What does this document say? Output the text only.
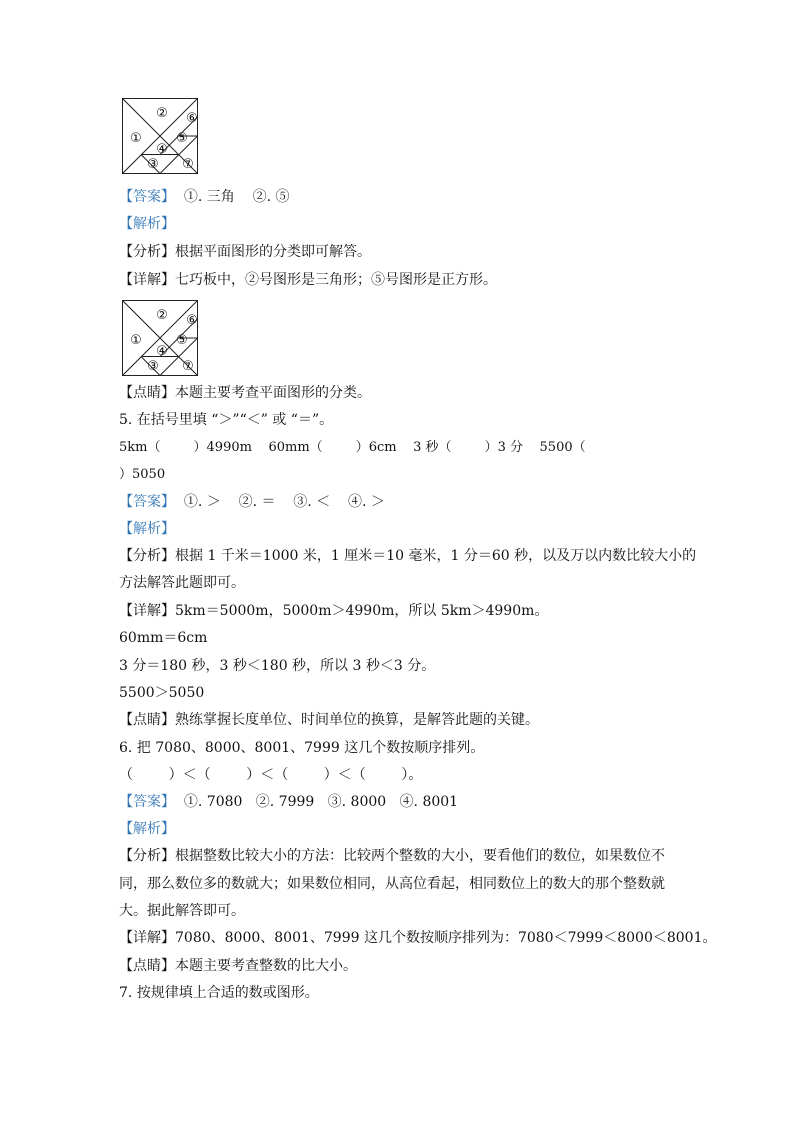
①
②
③
④
⑤
⑥
⑦
【答案】  ①. 三角    ②. ⑤
【解析】
【分析】根据平面图形的分类即可解答。
【详解】七巧板中，②号图形是三角形；⑤号图形是正方形。
①
②
③
④
⑤
⑥
⑦
【点睛】本题主要考查平面图形的分类。
5. 在括号里填 “＞”“＜” 或 “＝”。
5km（        ）4990m    60mm（        ）6cm    3 秒（        ）3 分    5500（
）5050
【答案】  ①. ＞    ②. ＝    ③. ＜    ④. ＞
【解析】
【分析】根据 1 千米＝1000 米，1 厘米＝10 毫米，1 分＝60 秒，以及万以内数比较大小的
方法解答此题即可。
【详解】5km＝5000m，5000m＞4990m，所以 5km＞4990m。
60mm＝6cm
3 分＝180 秒，3 秒＜180 秒，所以 3 秒＜3 分。
5500＞5050
【点睛】熟练掌握长度单位、时间单位的换算，是解答此题的关键。
6. 把 7080、8000、8001、7999 这几个数按顺序排列。
（        ）＜（        ）＜（        ）＜（        ）。
【答案】  ①. 7080   ②. 7999   ③. 8000   ④. 8001
【解析】
【分析】根据整数比较大小的方法：比较两个整数的大小，要看他们的数位，如果数位不
同，那么数位多的数就大；如果数位相同，从高位看起，相同数位上的数大的那个整数就
大。据此解答即可。
【详解】7080、8000、8001、7999 这几个数按顺序排列为：7080＜7999＜8000＜8001。
【点睛】本题主要考查整数的比大小。
7. 按规律填上合适的数或图形。
